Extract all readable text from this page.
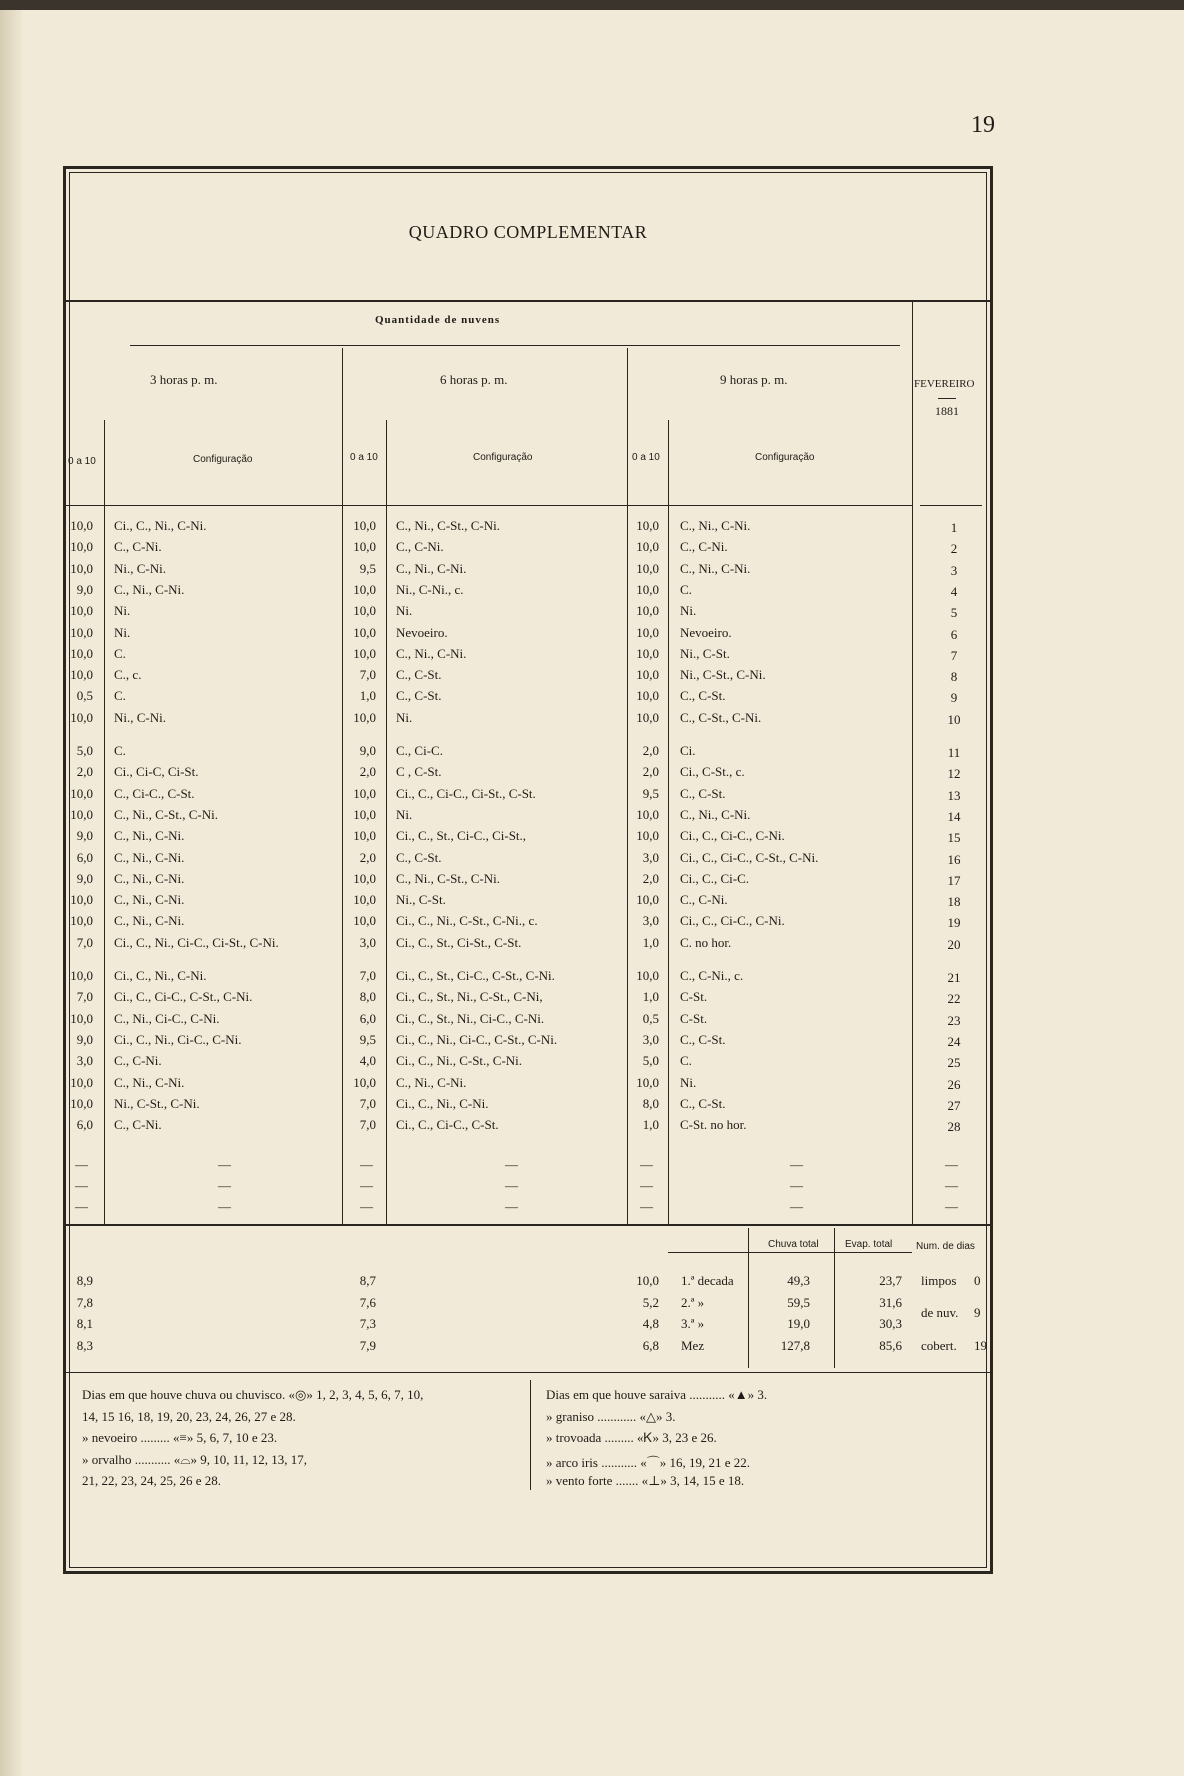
19
QUADRO COMPLEMENTAR
Quantidade de nuvens
3 horas p. m.	6 horas p. m.	9 horas p. m.	FEVEREIRO
1881
0 a 10	Configuração	0 a 10	Configuração	0 a 10	Configuração
10,0 Ci., C., Ni., C-Ni.	10,0 C., Ni., C-St., C-Ni.	10,0 C., Ni., C-Ni.	1
10,0 C., C-Ni.	10,0 C., C-Ni.	10,0 C., C-Ni.	2
10,0 Ni., C-Ni.	9,5 C., Ni., C-Ni.	10,0 C., Ni., C-Ni.	3
9,0 C., Ni., C-Ni.	10,0 Ni., C-Ni., c.	10,0 C.	4
10,0 Ni.	10,0 Ni.	10,0 Ni.	5
10,0 Ni.	10,0 Nevoeiro.	10,0 Nevoeiro.	6
10,0 C.	10,0 C., Ni., C-Ni.	10,0 Ni., C-St.	7
10,0 C., c.	7,0 C., C-St.	10,0 Ni., C-St., C-Ni.	8
0,5 C.	1,0 C., C-St.	10,0 C., C-St.	9
10,0 Ni., C-Ni.	10,0 Ni.	10,0 C., C-St., C-Ni.	10
5,0 C.	9,0 C., Ci-C.	2,0 Ci.	11
2,0 Ci., Ci-C, Ci-St.	2,0 C , C-St.	2,0 Ci., C-St., c.	12
10,0 C., Ci-C., C-St.	10,0 Ci., C., Ci-C., Ci-St., C-St.	9,5 C., C-St.	13
10,0 C., Ni., C-St., C-Ni.	10,0 Ni.	10,0 C., Ni., C-Ni.	14
9,0 C., Ni., C-Ni.	10,0 Ci., C., St., Ci-C., Ci-St.,	10,0 Ci., C., Ci-C., C-Ni.	15
6,0 C., Ni., C-Ni.	2,0 C., C-St.	3,0 Ci., C., Ci-C., C-St., C-Ni.	16
9,0 C., Ni., C-Ni.	10,0 C., Ni., C-St., C-Ni.	2,0 Ci., C., Ci-C.	17
10,0 C., Ni., C-Ni.	10,0 Ni., C-St.	10,0 C., C-Ni.	18
10,0 C., Ni., C-Ni.	10,0 Ci., C., Ni., C-St., C-Ni., c.	3,0 Ci., C., Ci-C., C-Ni.	19
7,0 Ci., C., Ni., Ci-C., Ci-St., C-Ni.	3,0 Ci., C., St., Ci-St., C-St.	1,0 C. no hor.	20
10,0 Ci., C., Ni., C-Ni.	7,0 Ci., C., St., Ci-C., C-St., C-Ni.	10,0 C., C-Ni., c.	21
7,0 Ci., C., Ci-C., C-St., C-Ni.	8,0 Ci., C., St., Ni., C-St., C-Ni,	1,0 C-St.	22
10,0 C., Ni., Ci-C., C-Ni.	6,0 Ci., C., St., Ni., Ci-C., C-Ni.	0,5 C-St.	23
9,0 Ci., C., Ni., Ci-C., C-Ni.	9,5 Ci., C., Ni., Ci-C., C-St., C-Ni.	3,0 C., C-St.	24
3,0 C., C-Ni.	4,0 Ci., C., Ni., C-St., C-Ni.	5,0 C.	25
10,0 C., Ni., C-Ni.	10,0 C., Ni., C-Ni.	10,0 Ni.	26
10,0 Ni., C-St., C-Ni.	7,0 Ci., C., Ni., C-Ni.	8,0 C., C-St.	27
6,0 C., C-Ni.	7,0 Ci., C., Ci-C., C-St.	1,0 C-St. no hor.	28
—	—	—	—	—	—	—
—	—	—	—	—	—	—
—	—	—	—	—	—	—
Chuva total	Evap. total Num. de dias
8,9	8,7	10,0 1.ª decada	49,3	23,7
7,8	7,6	5,2 2.ª »	59,5	31,6
8,1	7,3	4,8 3.ª »	19,0	30,3
8,3	7,9	6,8 Mez	127,8	85,6
limpos 0
de nuv. 9
cobert. 19
Dias em que houve chuva ou chuvisco. «◎» 1, 2, 3, 4, 5, 6, 7, 10,
14, 15 16, 18, 19, 20, 23, 24, 26, 27 e 28.
» nevoeiro ......... «≡» 5, 6, 7, 10 e 23.
» orvalho ........... «⌓» 9, 10, 11, 12, 13, 17,
21, 22, 23, 24, 25, 26 e 28.
Dias em que houve saraiva ........... «▲» 3.
» graniso ............ «△» 3.
» trovoada ......... «Ꮶ» 3, 23 e 26.
» arco iris ........... «⌒» 16, 19, 21 e 22.
» vento forte ....... «⊥» 3, 14, 15 e 18.
